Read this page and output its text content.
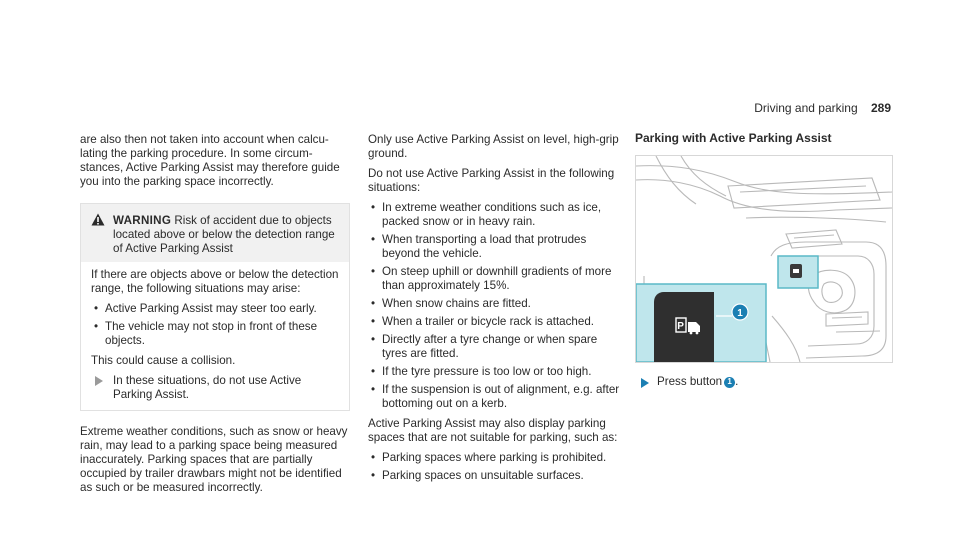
Driving and parking 289

are also then not taken into account when calculating the parking procedure. In some circumstances, Active Parking Assist may therefore guide you into the parking space incorrectly.

WARNING Risk of accident due to objects located above or below the detection range of Active Parking Assist

If there are objects above or below the detection range, the following situations may arise:

• Active Parking Assist may steer too early.
• The vehicle may not stop in front of these objects.

This could cause a collision.

In these situations, do not use Active Parking Assist.

Extreme weather conditions, such as snow or heavy rain, may lead to a parking space being measured inaccurately. Parking spaces that are partially occupied by trailer drawbars might not be identified as such or be measured incorrectly.

Only use Active Parking Assist on level, high-grip ground.

Do not use Active Parking Assist in the following situations:

• In extreme weather conditions such as ice, packed snow or in heavy rain.
• When transporting a load that protrudes beyond the vehicle.
• On steep uphill or downhill gradients of more than approximately 15%.
• When snow chains are fitted.
• When a trailer or bicycle rack is attached.
• Directly after a tyre change or when spare tyres are fitted.
• If the tyre pressure is too low or too high.
• If the suspension is out of alignment, e.g. after bottoming out on a kerb.

Active Parking Assist may also display parking spaces that are not suitable for parking, such as:

• Parking spaces where parking is prohibited.
• Parking spaces on unsuitable surfaces.
Parking with Active Parking Assist
P
1
Press button 1 .
